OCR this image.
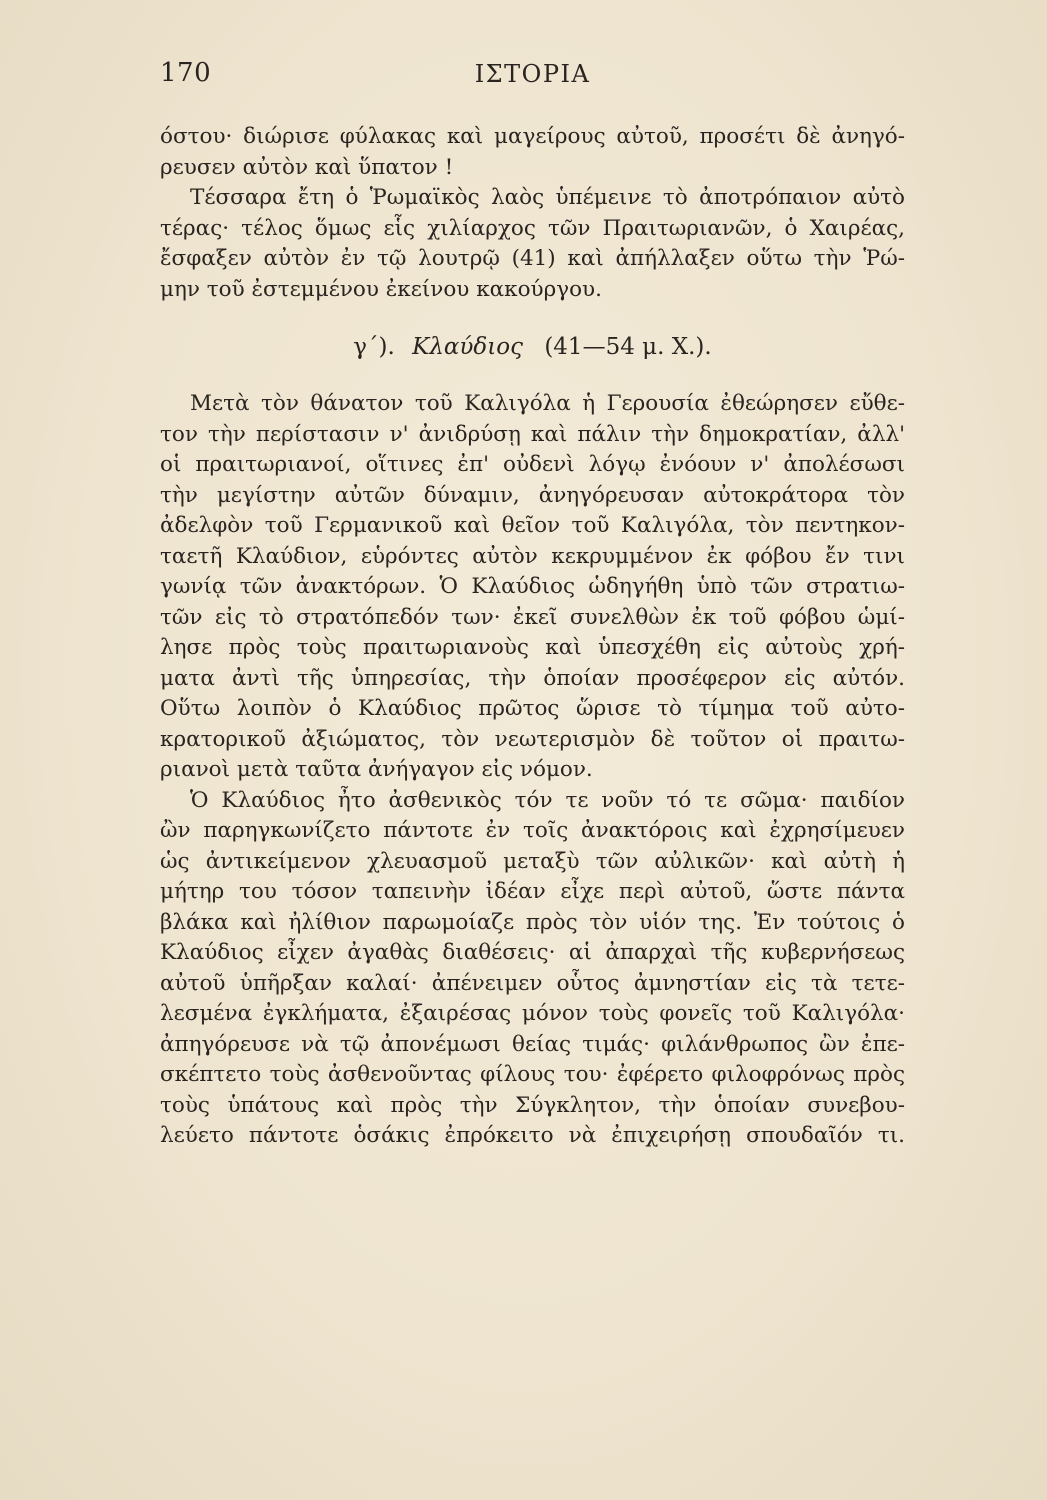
170	ΙΣΤΟΡΙΑ
όστου· διώρισε φύλακας καὶ μαγείρους αὐτοῦ, προσέτι δὲ ἀνηγό-
ρευσεν αὐτὸν καὶ ὕπατον !
Τέσσαρα ἔτη ὁ Ῥωμαϊκὸς λαὸς ὑπέμεινε τὸ ἀποτρόπαιον αὐτὸ
τέρας· τέλος ὅμως εἷς χιλίαρχος τῶν Πραιτωριανῶν, ὁ Χαιρέας,
ἔσφαξεν αὐτὸν ἐν τῷ λουτρῷ (41) καὶ ἀπήλλαξεν οὕτω τὴν Ῥώ-
μην τοῦ ἐστεμμένου ἐκείνου κακούργου.
γ΄). Κλαύδιος (41—54 μ. Χ.).
Μετὰ τὸν θάνατον τοῦ Καλιγόλα ἡ Γερουσία ἐθεώρησεν εὔθε-
τον τὴν περίστασιν ν' ἀνιδρύσῃ καὶ πάλιν τὴν δημοκρατίαν, ἀλλ'
οἱ πραιτωριανοί, οἵτινες ἐπ' οὐδενὶ λόγῳ ἐνόουν ν' ἀπολέσωσι
τὴν μεγίστην αὐτῶν δύναμιν, ἀνηγόρευσαν αὐτοκράτορα τὸν
ἀδελφὸν τοῦ Γερμανικοῦ καὶ θεῖον τοῦ Καλιγόλα, τὸν πεντηκον-
ταετῆ Κλαύδιον, εὑρόντες αὐτὸν κεκρυμμένον ἐκ φόβου ἔν τινι
γωνίᾳ τῶν ἀνακτόρων. Ὁ Κλαύδιος ὡδηγήθη ὑπὸ τῶν στρατιω-
τῶν εἰς τὸ στρατόπεδόν των· ἐκεῖ συνελθὼν ἐκ τοῦ φόβου ὡμί-
λησε πρὸς τοὺς πραιτωριανοὺς καὶ ὑπεσχέθη εἰς αὐτοὺς χρή-
ματα ἀντὶ τῆς ὑπηρεσίας, τὴν ὁποίαν προσέφερον εἰς αὐτόν.
Οὕτω λοιπὸν ὁ Κλαύδιος πρῶτος ὥρισε τὸ τίμημα τοῦ αὐτο-
κρατορικοῦ ἀξιώματος, τὸν νεωτερισμὸν δὲ τοῦτον οἱ πραιτω-
ριανοὶ μετὰ ταῦτα ἀνήγαγον εἰς νόμον.
Ὁ Κλαύδιος ἦτο ἀσθενικὸς τόν τε νοῦν τό τε σῶμα· παιδίον
ὢν παρηγκωνίζετο πάντοτε ἐν τοῖς ἀνακτόροις καὶ ἐχρησίμευεν
ὡς ἀντικείμενον χλευασμοῦ μεταξὺ τῶν αὐλικῶν· καὶ αὐτὴ ἡ
μήτηρ του τόσον ταπεινὴν ἰδέαν εἶχε περὶ αὐτοῦ, ὥστε πάντα
βλάκα καὶ ἠλίθιον παρωμοίαζε πρὸς τὸν υἱόν της. Ἐν τούτοις ὁ
Κλαύδιος εἶχεν ἀγαθὰς διαθέσεις· αἱ ἀπαρχαὶ τῆς κυβερνήσεως
αὐτοῦ ὑπῆρξαν καλαί· ἀπένειμεν οὗτος ἀμνηστίαν εἰς τὰ τετε-
λεσμένα ἐγκλήματα, ἐξαιρέσας μόνον τοὺς φονεῖς τοῦ Καλιγόλα·
ἀπηγόρευσε νὰ τῷ ἀπονέμωσι θείας τιμάς· φιλάνθρωπος ὢν ἐπε-
σκέπτετο τοὺς ἀσθενοῦντας φίλους του· ἐφέρετο φιλοφρόνως πρὸς
τοὺς ὑπάτους καὶ πρὸς τὴν Σύγκλητον, τὴν ὁποίαν συνεβου-
λεύετο πάντοτε ὁσάκις ἐπρόκειτο νὰ ἐπιχειρήσῃ σπουδαῖόν τι.
